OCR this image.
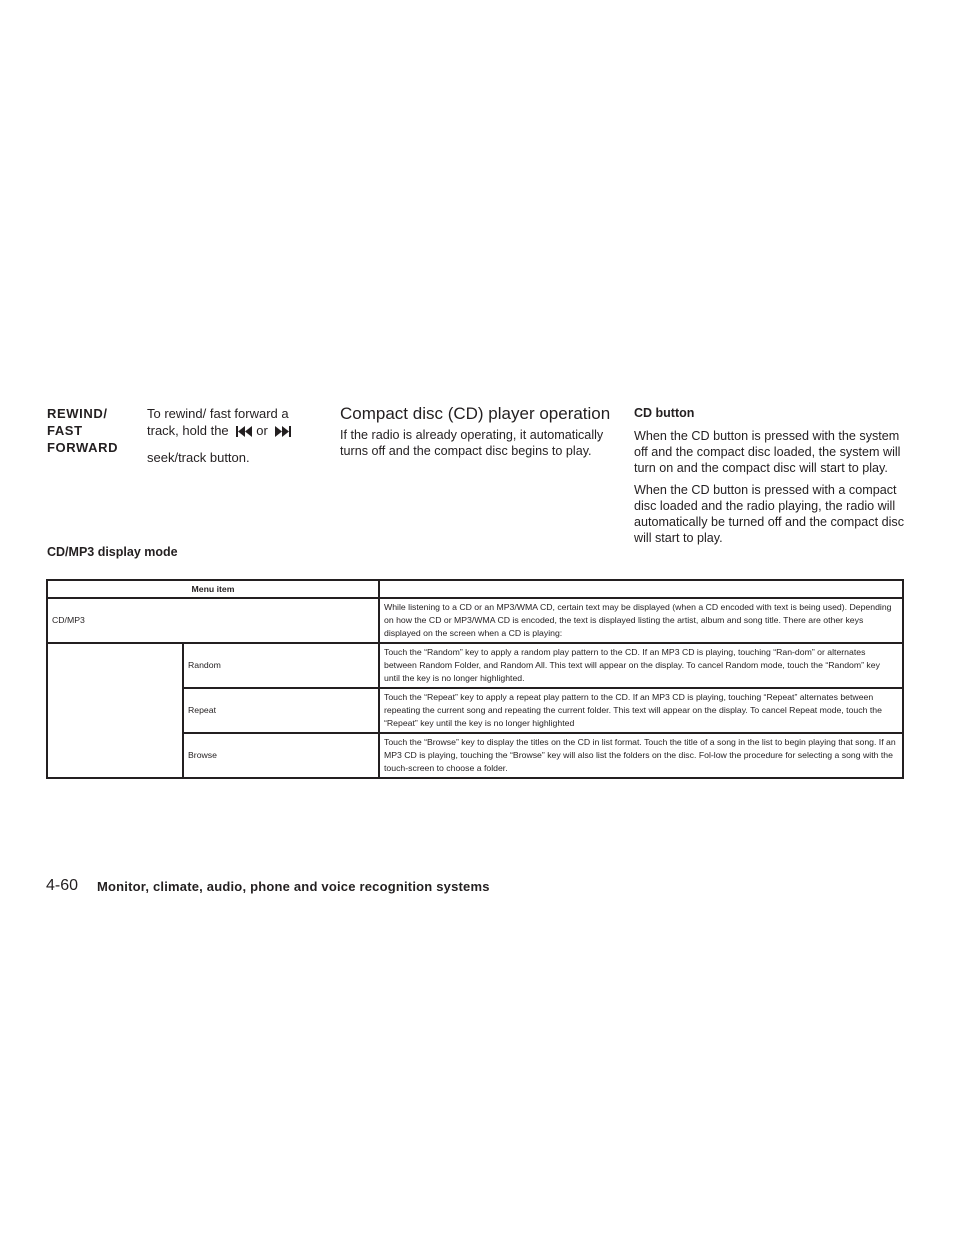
REWIND/
FAST
FORWARD
To rewind/ fast forward a
track, hold the or
seek/track button.
Compact disc (CD) player operation
If the radio is already operating, it automatically turns off and the compact disc begins to play.
CD button
When the CD button is pressed with the system off and the compact disc loaded, the system will turn on and the compact disc will start to play.
When the CD button is pressed with a compact disc loaded and the radio playing, the radio will automatically be turned off and the compact disc will start to play.
CD/MP3 display mode
Menu item		
CD/MP3		While listening to a CD or an MP3/WMA CD, certain text may be displayed (when a CD encoded with text is being used). Depending on how the CD or MP3/WMA CD is encoded, the text is displayed listing the artist, album and song title. There are other keys displayed on the screen when a CD is playing:
	Random	Touch the “Random” key to apply a random play pattern to the CD. If an MP3 CD is playing, touching “Ran-dom” or alternates between Random Folder, and Random All. This text will appear on the display. To cancel Random mode, touch the “Random” key until the key is no longer highlighted.
	Repeat	Touch the “Repeat” key to apply a repeat play pattern to the CD. If an MP3 CD is playing, touching “Repeat” alternates between repeating the current song and repeating the current folder. This text will appear on the display. To cancel Repeat mode, touch the “Repeat” key until the key is no longer highlighted
	Browse	Touch the “Browse” key to display the titles on the CD in list format. Touch the title of a song in the list to begin playing that song. If an MP3 CD is playing, touching the “Browse” key will also list the folders on the disc. Fol-low the procedure for selecting a song with the touch-screen to choose a folder.
4-60 Monitor, climate, audio, phone and voice recognition systems
